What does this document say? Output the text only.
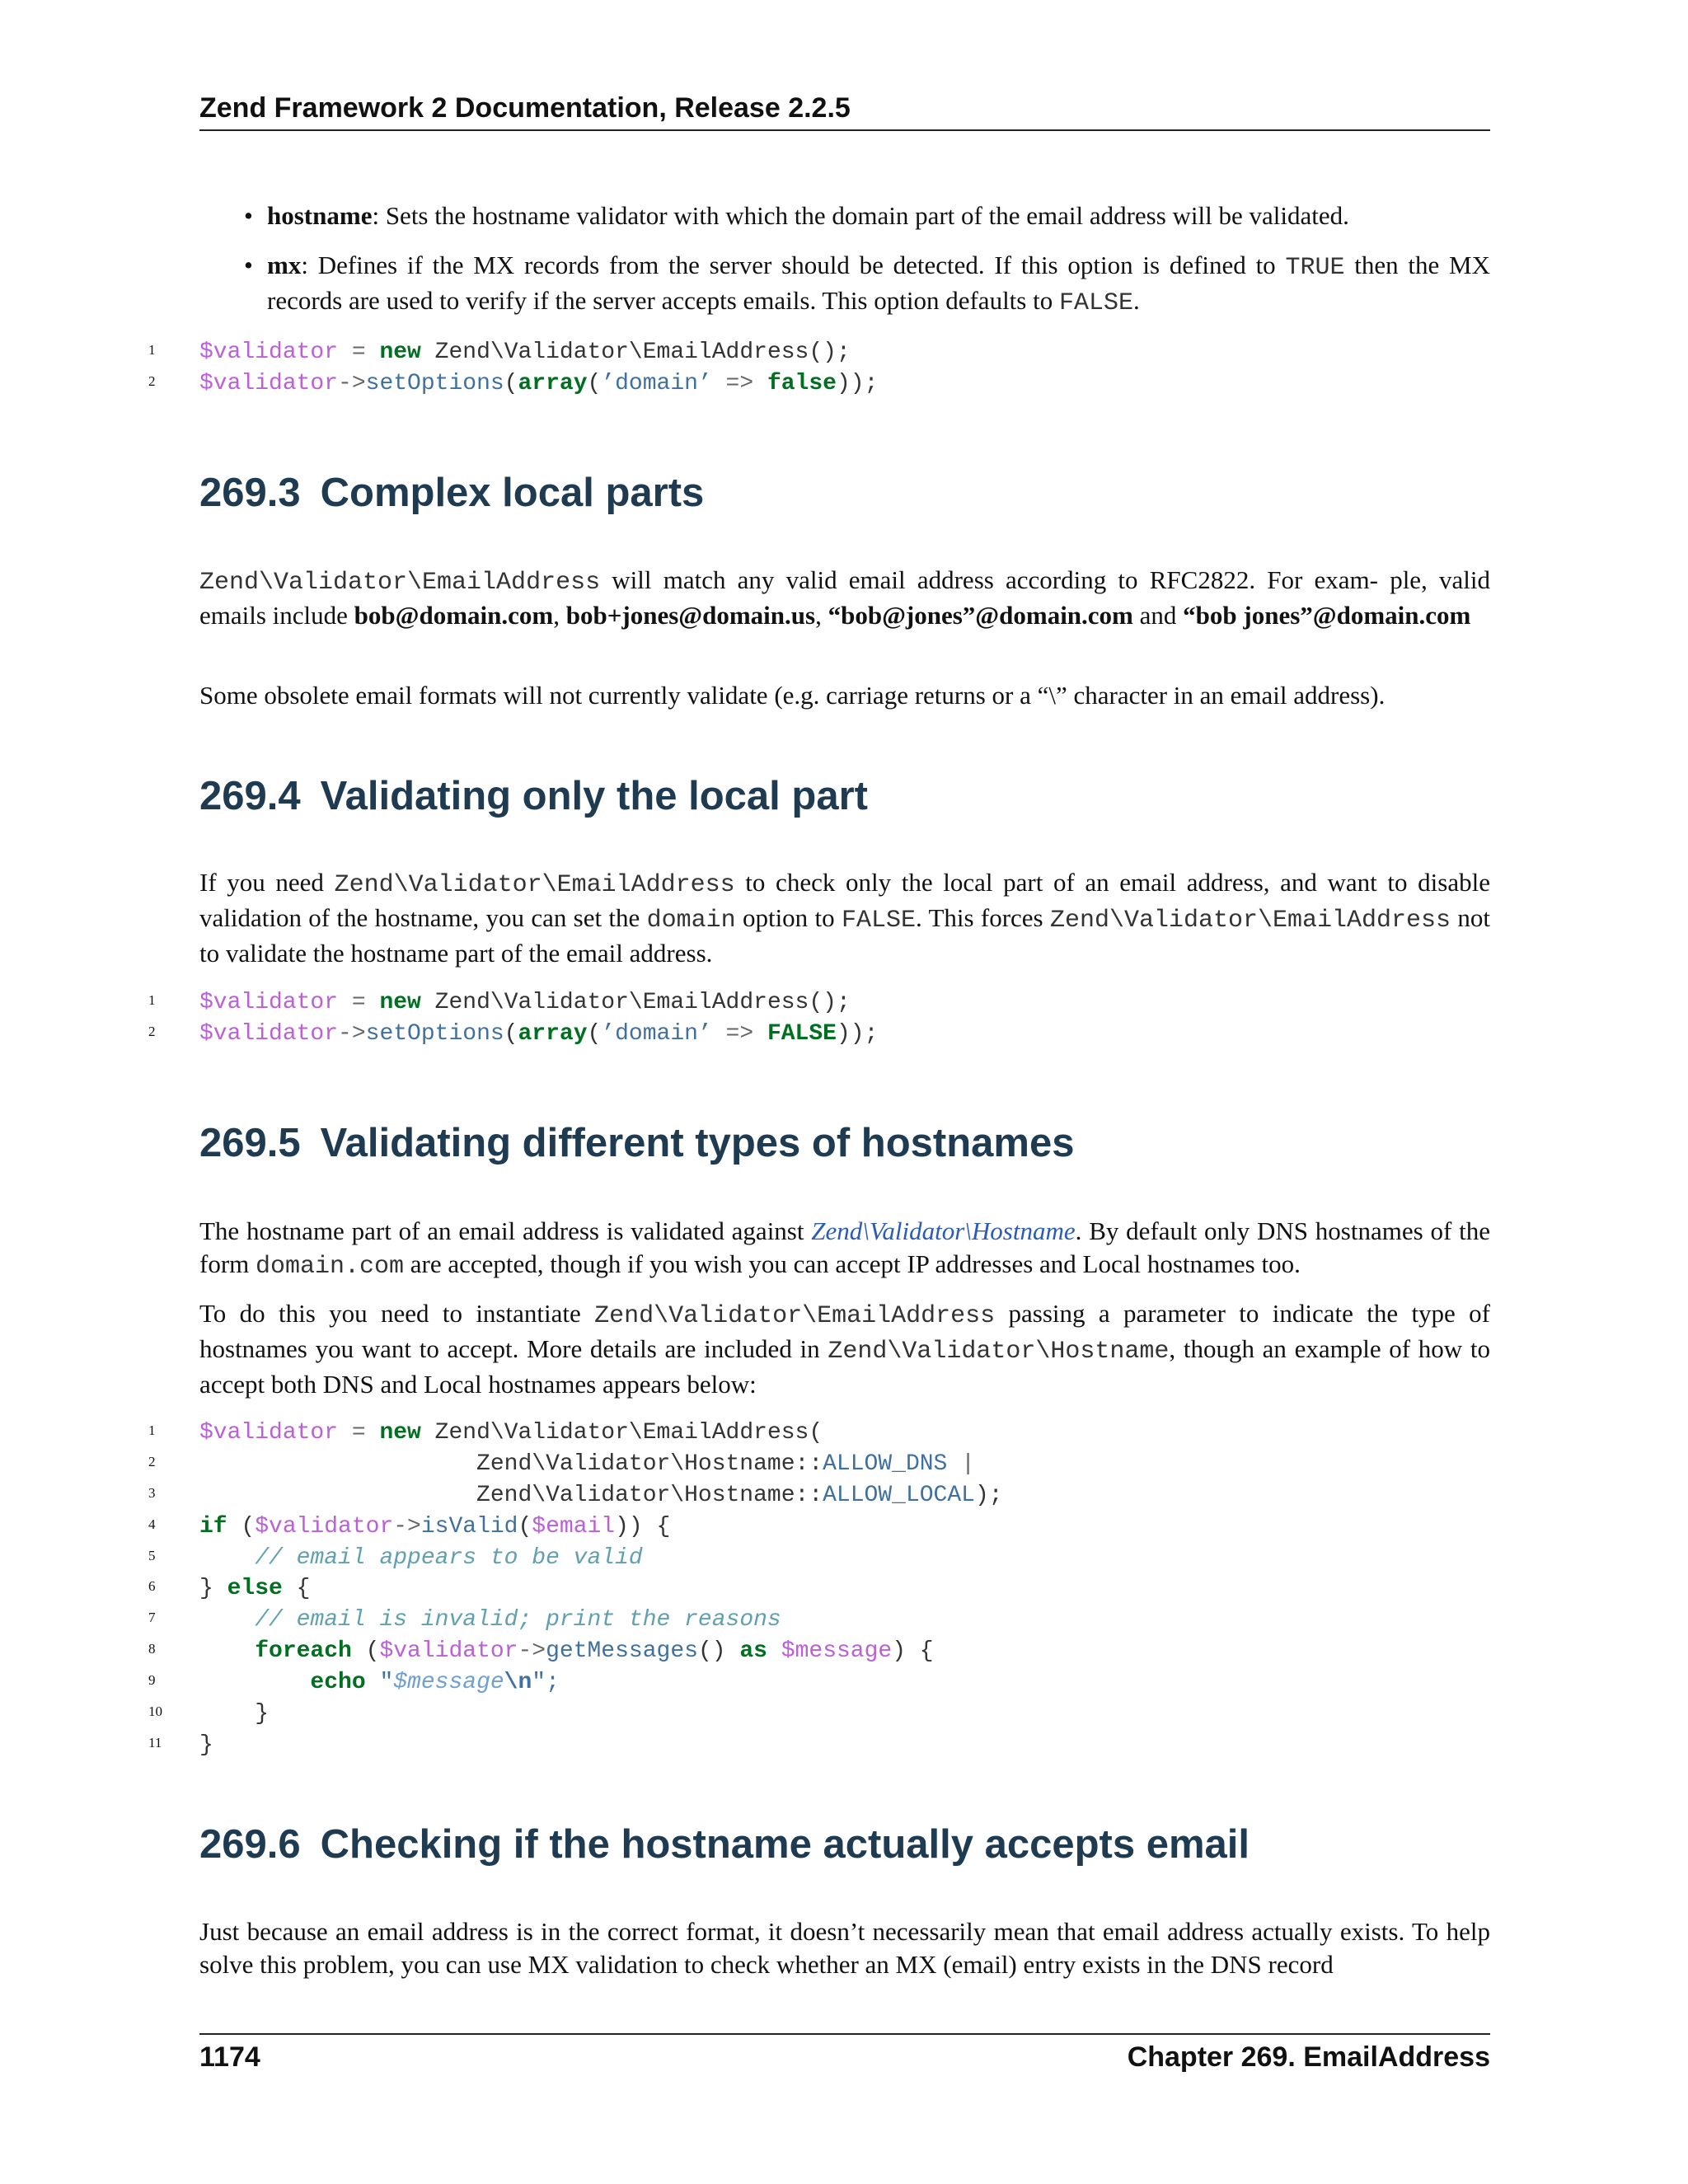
Zend Framework 2 Documentation, Release 2.2.5
• hostname: Sets the hostname validator with which the domain part of the email address will be validated.
• mx: Defines if the MX records from the server should be detected. If this option is defined to TRUE then the MX records are used to verify if the server accepts emails. This option defaults to FALSE.
1 $validator = new Zend\Validator\EmailAddress();
2 $validator->setOptions(array(’domain’ => false));
269.3 Complex local parts
Zend\Validator\EmailAddress will match any valid email address according to RFC2822. For exam- ple, valid emails include bob@domain.com, bob+jones@domain.us, “bob@jones”@domain.com and “bob jones”@domain.com
Some obsolete email formats will not currently validate (e.g. carriage returns or a “\” character in an email address).
269.4 Validating only the local part
If you need Zend\Validator\EmailAddress to check only the local part of an email address, and want to disable validation of the hostname, you can set the domain option to FALSE. This forces Zend\Validator\EmailAddress not to validate the hostname part of the email address.
1 $validator = new Zend\Validator\EmailAddress();
2 $validator->setOptions(array(’domain’ => FALSE));
269.5 Validating different types of hostnames
The hostname part of an email address is validated against Zend\Validator\Hostname. By default only DNS hostnames of the form domain.com are accepted, though if you wish you can accept IP addresses and Local hostnames too.
To do this you need to instantiate Zend\Validator\EmailAddress passing a parameter to indicate the type of hostnames you want to accept. More details are included in Zend\Validator\Hostname, though an example of how to accept both DNS and Local hostnames appears below:
1 $validator = new Zend\Validator\EmailAddress(
2                    Zend\Validator\Hostname::ALLOW_DNS |
3                    Zend\Validator\Hostname::ALLOW_LOCAL);
4 if ($validator->isValid($email)) {
5	// email appears to be valid
6 } else {
7	// email is invalid; print the reasons
8	foreach ($validator->getMessages() as $message) {
9	echo "$message\n";
10    }
11 }
269.6 Checking if the hostname actually accepts email
Just because an email address is in the correct format, it doesn’t necessarily mean that email address actually exists. To help solve this problem, you can use MX validation to check whether an MX (email) entry exists in the DNS record
1174	Chapter 269. EmailAddress
